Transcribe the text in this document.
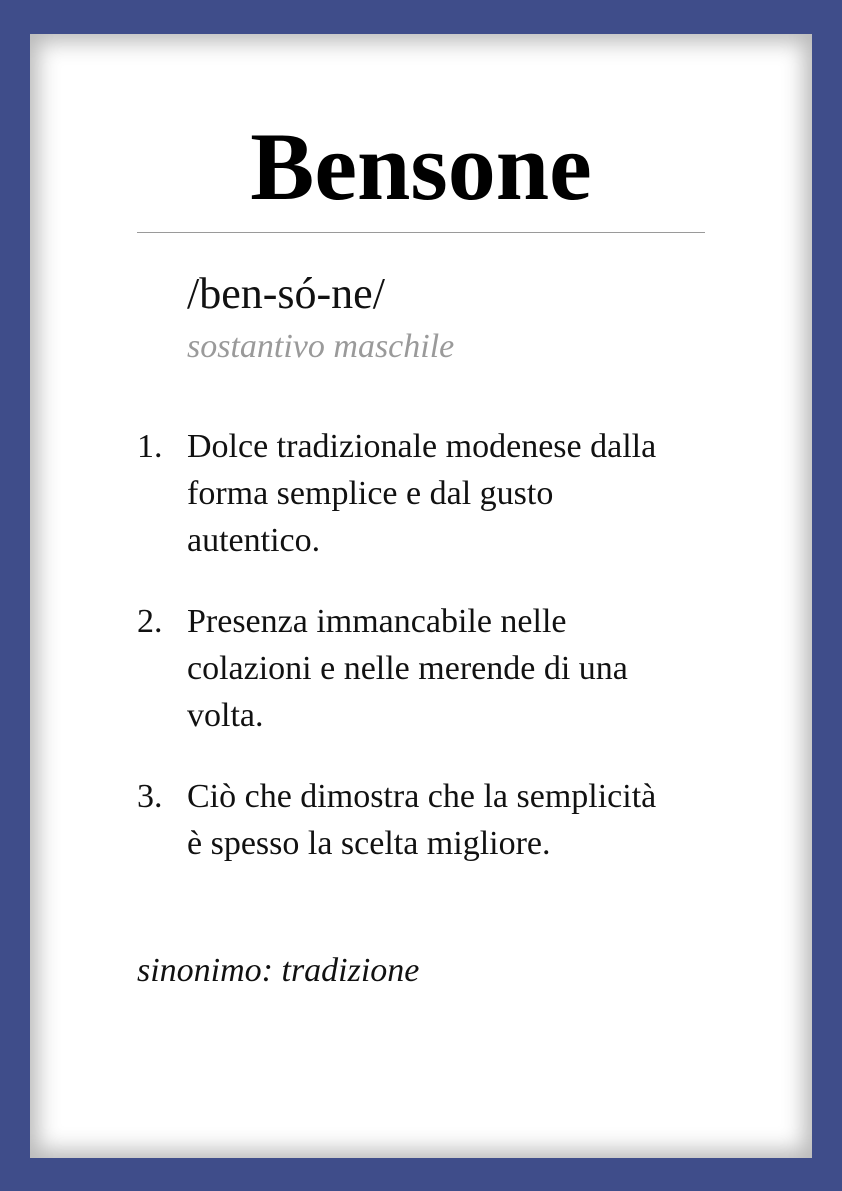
Bensone
/ben-só-ne/
sostantivo maschile
1. Dolce tradizionale modenese dalla forma semplice e dal gusto autentico.
2. Presenza immancabile nelle colazioni e nelle merende di una volta.
3. Ciò che dimostra che la semplicità è spesso la scelta migliore.
sinonimo: tradizione
